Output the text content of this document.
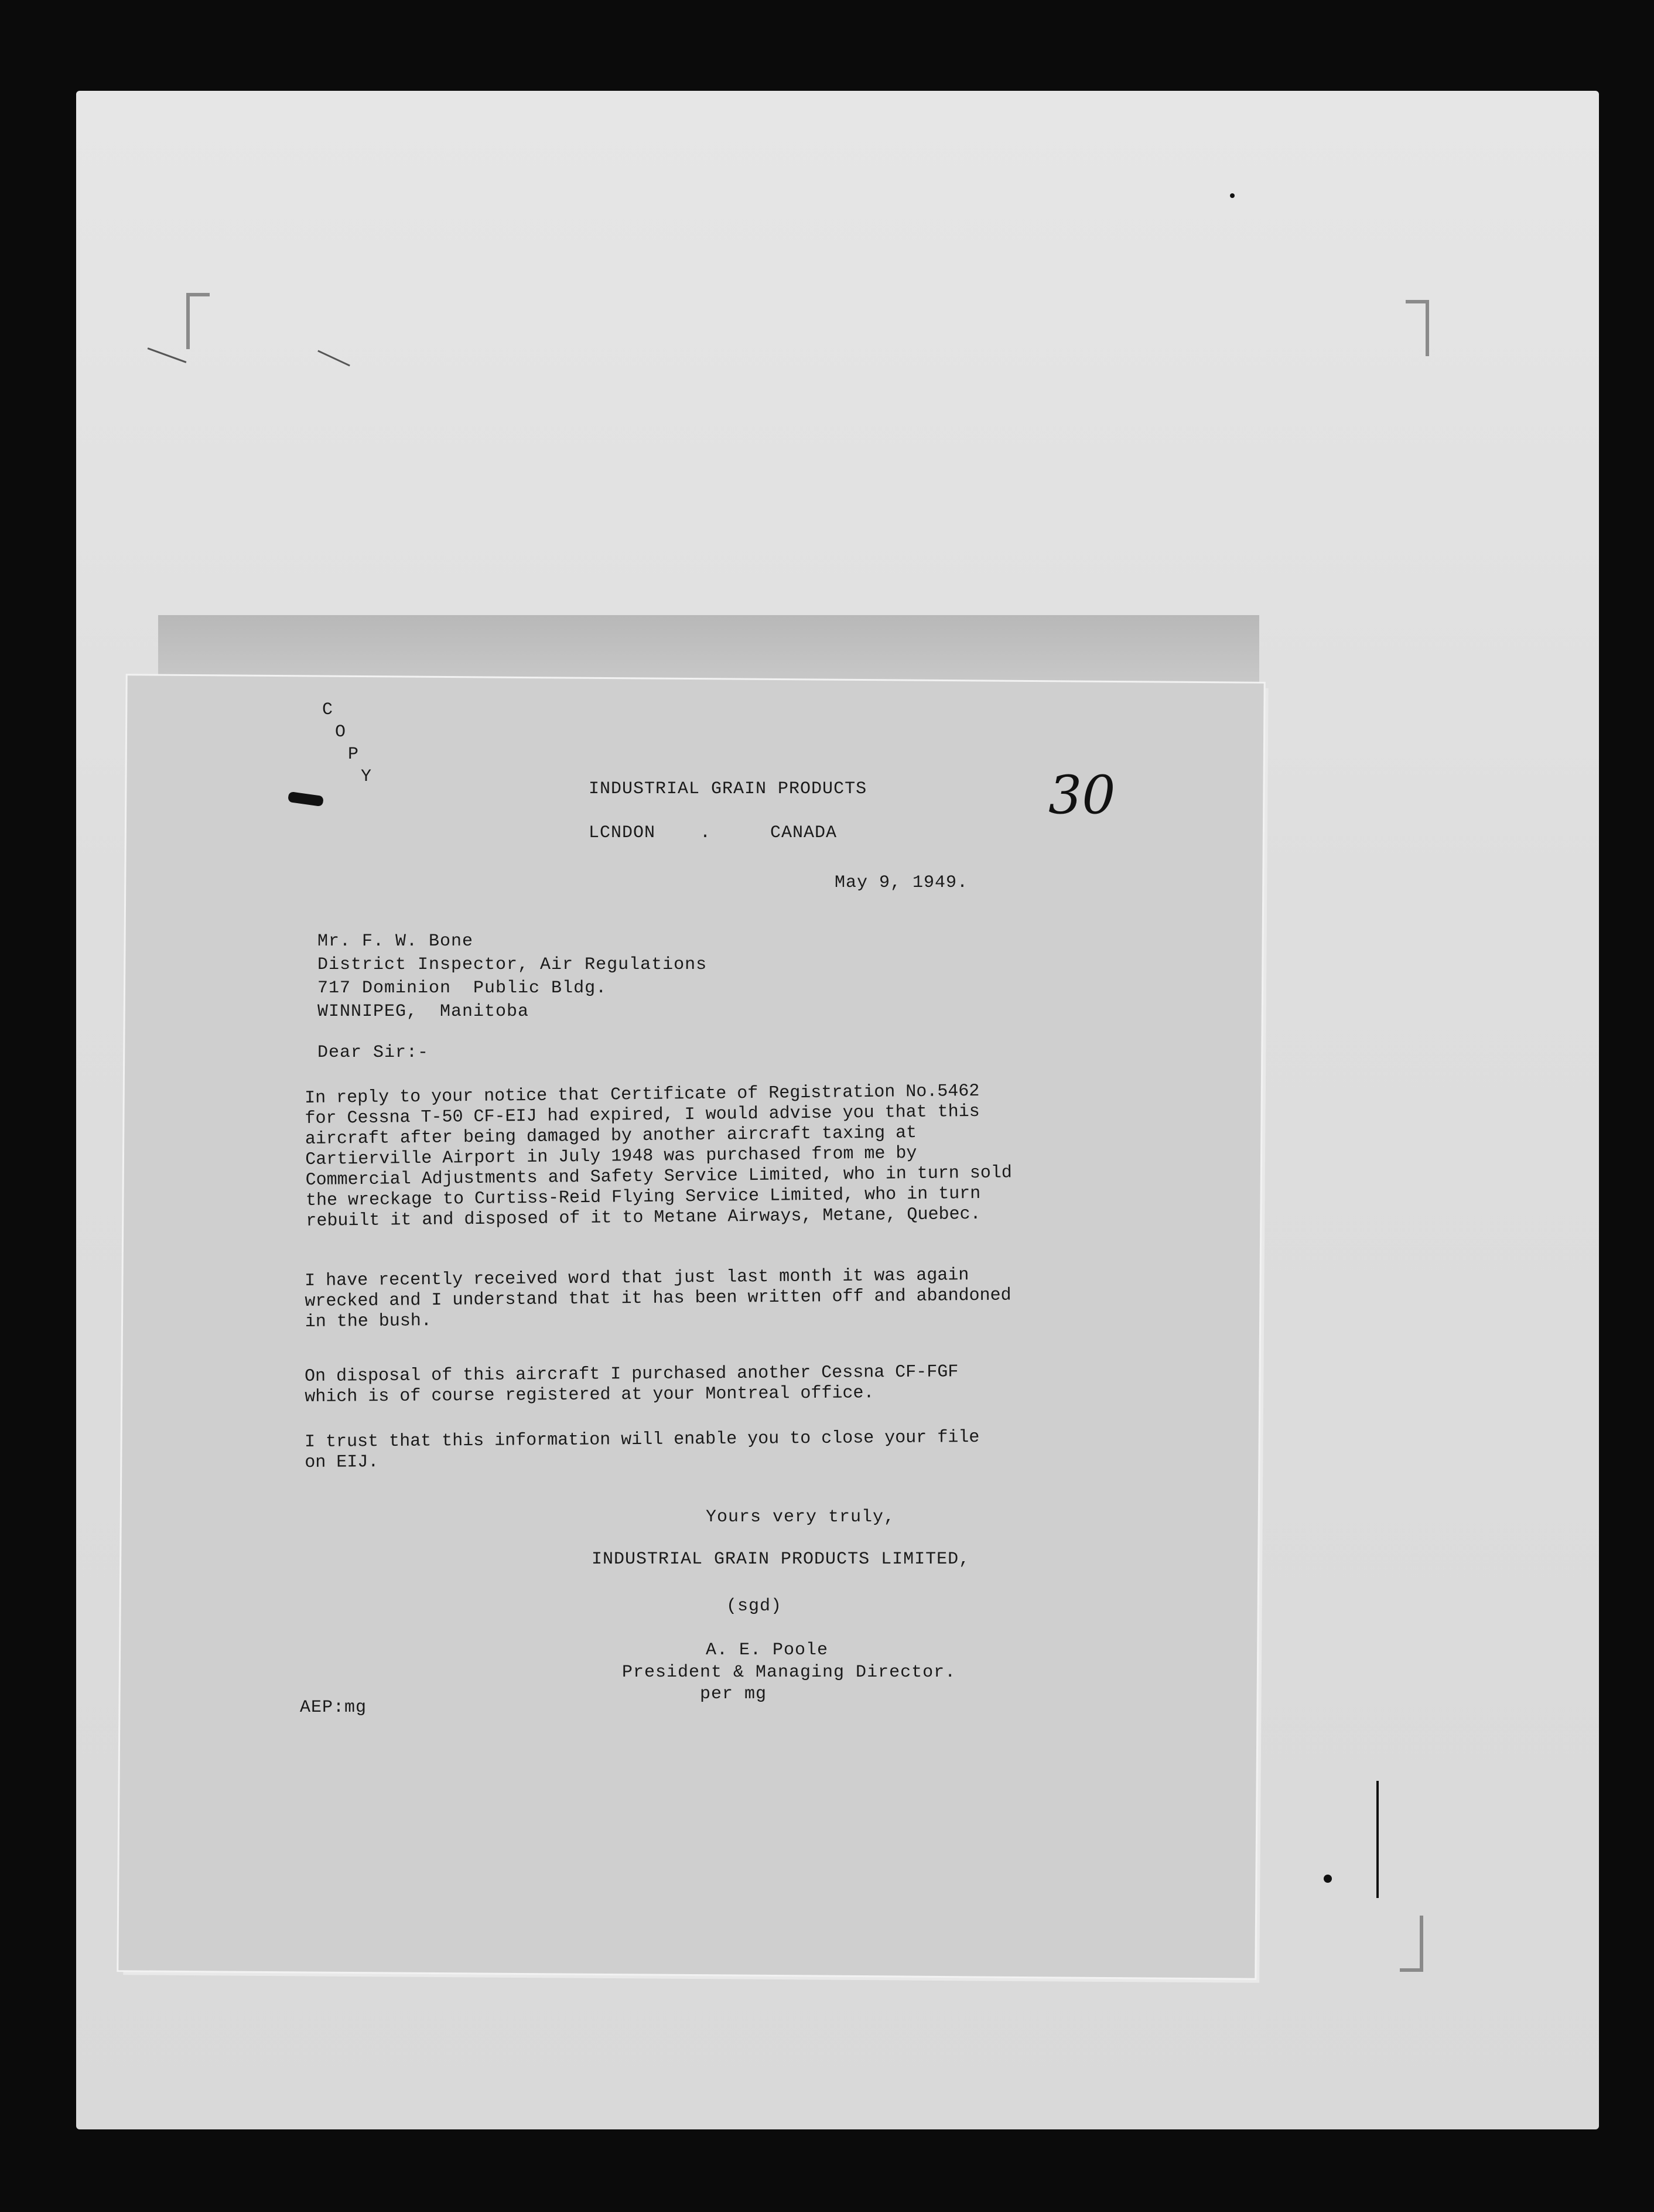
C
O
P
Y
INDUSTRIAL GRAIN PRODUCTS
LCNDON	.	CANADA
30
May 9, 1949.
Mr. F. W. Bone
District Inspector, Air Regulations
717 Dominion  Public Bldg.
WINNIPEG,  Manitoba
Dear Sir:-
In reply to your notice that Certificate of Registration No.5462
for Cessna T-50 CF-EIJ had expired, I would advise you that this
aircraft after being damaged by another aircraft taxing at
Cartierville Airport in July 1948 was purchased from me by
Commercial Adjustments and Safety Service Limited, who in turn sold
the wreckage to Curtiss-Reid Flying Service Limited, who in turn
rebuilt it and disposed of it to Metane Airways, Metane, Quebec.
I have recently received word that just last month it was again
wrecked and I understand that it has been written off and abandoned
in the bush.
On disposal of this aircraft I purchased another Cessna CF-FGF
which is of course registered at your Montreal office.
I trust that this information will enable you to close your file
on EIJ.
Yours very truly,
INDUSTRIAL GRAIN PRODUCTS LIMITED,
(sgd)
A. E. Poole
President & Managing Director.
per mg
AEP:mg
